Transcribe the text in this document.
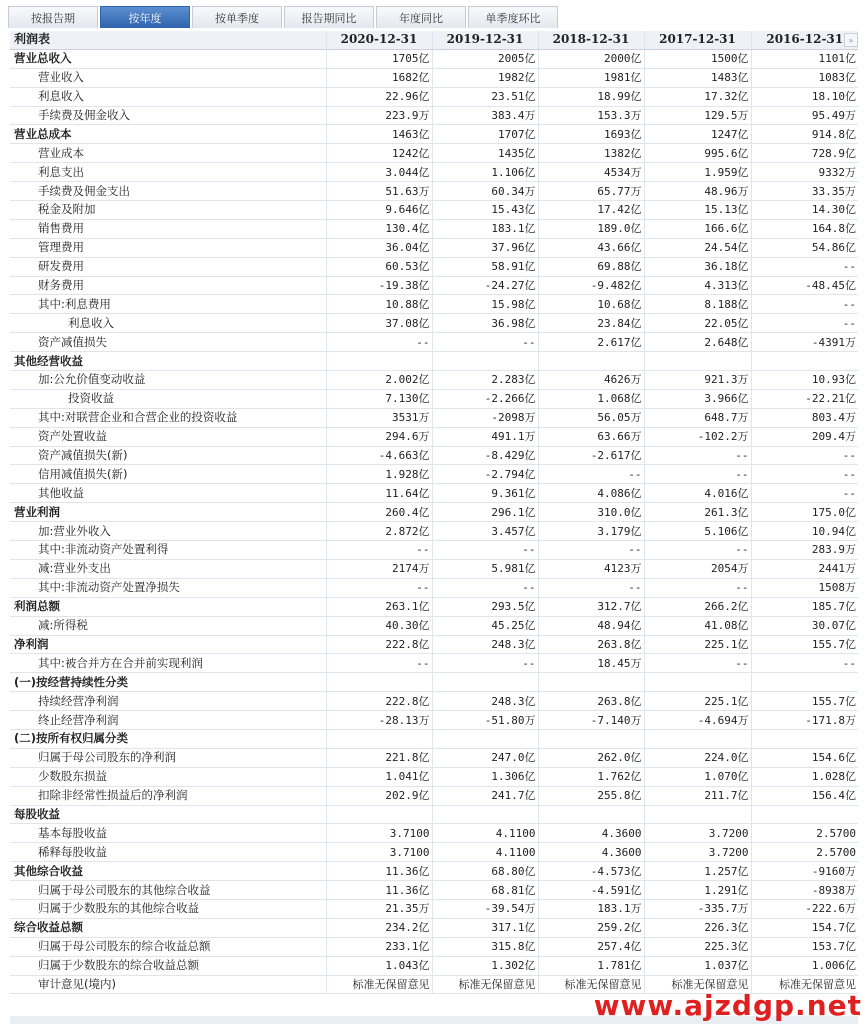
按报告期	按年度	按单季度	报告期同比	年度同比	单季度环比
利润表	2020-12-31	2019-12-31	2018-12-31	2017-12-31	2016-12-31
营业总收入	1705亿	2005亿	2000亿	1500亿	1101亿
营业收入	1682亿	1982亿	1981亿	1483亿	1083亿
利息收入	22.96亿	23.51亿	18.99亿	17.32亿	18.10亿
手续费及佣金收入	223.9万	383.4万	153.3万	129.5万	95.49万
营业总成本	1463亿	1707亿	1693亿	1247亿	914.8亿
营业成本	1242亿	1435亿	1382亿	995.6亿	728.9亿
利息支出	3.044亿	1.106亿	4534万	1.959亿	9332万
手续费及佣金支出	51.63万	60.34万	65.77万	48.96万	33.35万
税金及附加	9.646亿	15.43亿	17.42亿	15.13亿	14.30亿
销售费用	130.4亿	183.1亿	189.0亿	166.6亿	164.8亿
管理费用	36.04亿	37.96亿	43.66亿	24.54亿	54.86亿
研发费用	60.53亿	58.91亿	69.88亿	36.18亿	--
财务费用	-19.38亿	-24.27亿	-9.482亿	4.313亿	-48.45亿
其中:利息费用	10.88亿	15.98亿	10.68亿	8.188亿	--
利息收入	37.08亿	36.98亿	23.84亿	22.05亿	--
资产减值损失	--	--	2.617亿	2.648亿	-4391万
其他经营收益					
加:公允价值变动收益	2.002亿	2.283亿	4626万	921.3万	10.93亿
投资收益	7.130亿	-2.266亿	1.068亿	3.966亿	-22.21亿
其中:对联营企业和合营企业的投资收益	3531万	-2098万	56.05万	648.7万	803.4万
资产处置收益	294.6万	491.1万	63.66万	-102.2万	209.4万
资产减值损失(新)	-4.663亿	-8.429亿	-2.617亿	--	--
信用减值损失(新)	1.928亿	-2.794亿	--	--	--
其他收益	11.64亿	9.361亿	4.086亿	4.016亿	--
营业利润	260.4亿	296.1亿	310.0亿	261.3亿	175.0亿
加:营业外收入	2.872亿	3.457亿	3.179亿	5.106亿	10.94亿
其中:非流动资产处置利得	--	--	--	--	283.9万
减:营业外支出	2174万	5.981亿	4123万	2054万	2441万
其中:非流动资产处置净损失	--	--	--	--	1508万
利润总额	263.1亿	293.5亿	312.7亿	266.2亿	185.7亿
减:所得税	40.30亿	45.25亿	48.94亿	41.08亿	30.07亿
净利润	222.8亿	248.3亿	263.8亿	225.1亿	155.7亿
其中:被合并方在合并前实现利润	--	--	18.45万	--	--
(一)按经营持续性分类					
持续经营净利润	222.8亿	248.3亿	263.8亿	225.1亿	155.7亿
终止经营净利润	-28.13万	-51.80万	-7.140万	-4.694万	-171.8万
(二)按所有权归属分类					
归属于母公司股东的净利润	221.8亿	247.0亿	262.0亿	224.0亿	154.6亿
少数股东损益	1.041亿	1.306亿	1.762亿	1.070亿	1.028亿
扣除非经常性损益后的净利润	202.9亿	241.7亿	255.8亿	211.7亿	156.4亿
每股收益					
基本每股收益	3.7100	4.1100	4.3600	3.7200	2.5700
稀释每股收益	3.7100	4.1100	4.3600	3.7200	2.5700
其他综合收益	11.36亿	68.80亿	-4.573亿	1.257亿	-9160万
归属于母公司股东的其他综合收益	11.36亿	68.81亿	-4.591亿	1.291亿	-8938万
归属于少数股东的其他综合收益	21.35万	-39.54万	183.1万	-335.7万	-222.6万
综合收益总额	234.2亿	317.1亿	259.2亿	226.3亿	154.7亿
归属于母公司股东的综合收益总额	233.1亿	315.8亿	257.4亿	225.3亿	153.7亿
归属于少数股东的综合收益总额	1.043亿	1.302亿	1.781亿	1.037亿	1.006亿
审计意见(境内)	标准无保留意见	标准无保留意见	标准无保留意见	标准无保留意见	标准无保留意见
»
www.ajzdgp.net
